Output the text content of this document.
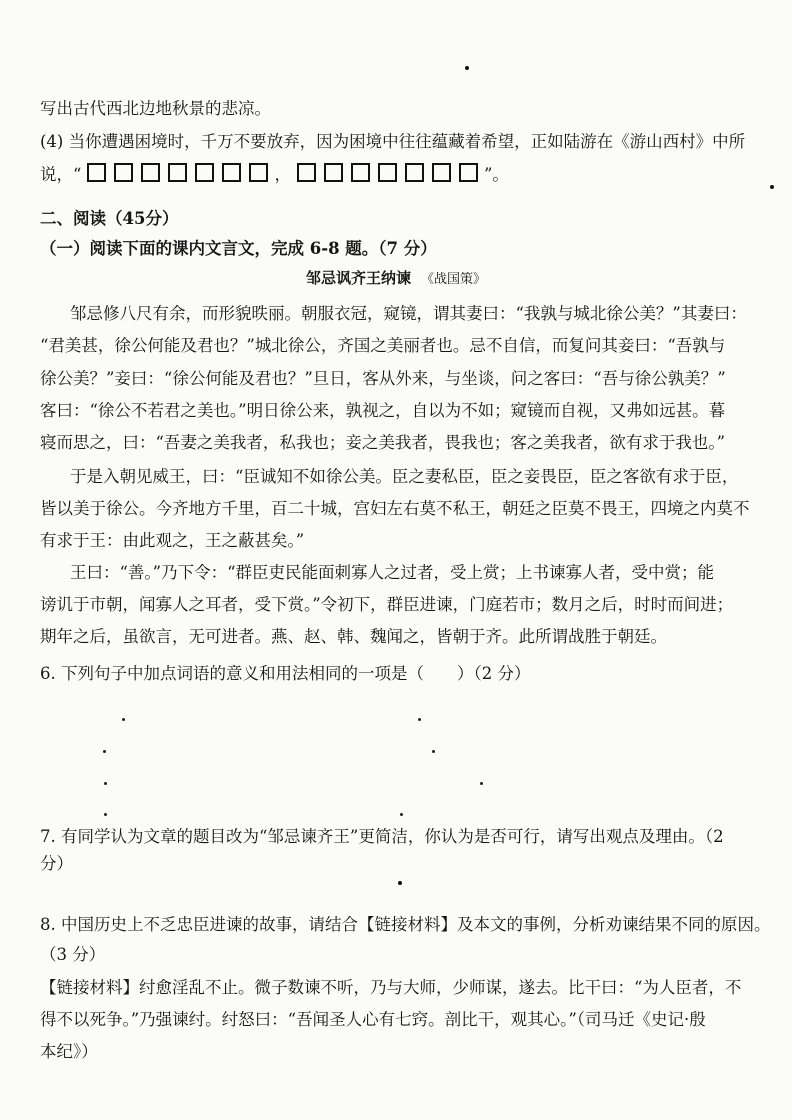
写出古代西北边地秋景的悲凉。
(4) 当你遭遇困境时，千万不要放弃，因为困境中往往蕴藏着希望，正如陆游在《游山西村》中所
说，“	，	”。
二、阅读（45分）
（一）阅读下面的课内文言文，完成 6-8 题。（7 分）
邹忌讽齐王纳谏 《战国策》
邹忌修八尺有余，而形貌昳丽。朝服衣冠，窥镜，谓其妻曰：“我孰与城北徐公美？”其妻曰：
“君美甚，徐公何能及君也？”城北徐公，齐国之美丽者也。忌不自信，而复问其妾曰：“吾孰与
徐公美？”妾曰：“徐公何能及君也？”旦日，客从外来，与坐谈，问之客曰：“吾与徐公孰美？”
客曰：“徐公不若君之美也。”明日徐公来，孰视之，自以为不如；窥镜而自视，又弗如远甚。暮
寝而思之，曰：“吾妻之美我者，私我也；妾之美我者，畏我也；客之美我者，欲有求于我也。”
于是入朝见威王，曰：“臣诚知不如徐公美。臣之妻私臣，臣之妾畏臣，臣之客欲有求于臣，
皆以美于徐公。今齐地方千里，百二十城，宫妇左右莫不私王，朝廷之臣莫不畏王，四境之内莫不
有求于王：由此观之，王之蔽甚矣。”
王曰：“善。”乃下令：“群臣吏民能面刺寡人之过者，受上赏；上书谏寡人者，受中赏；能
谤讥于市朝，闻寡人之耳者，受下赏。”令初下，群臣进谏，门庭若市；数月之后，时时而间进；
期年之后，虽欲言，无可进者。燕、赵、韩、魏闻之，皆朝于齐。此所谓战胜于朝廷。
6. 下列句子中加点词语的意义和用法相同的一项是（　　）（2 分）
7. 有同学认为文章的题目改为“邹忌谏齐王”更简洁，你认为是否可行，请写出观点及理由。（2
分）
8. 中国历史上不乏忠臣进谏的故事，请结合【链接材料】及本文的事例，分析劝谏结果不同的原因。
（3 分）
【链接材料】纣愈淫乱不止。微子数谏不听，乃与大师，少师谋，遂去。比干曰：“为人臣者，不
得不以死争。”乃强谏纣。纣怒曰：“吾闻圣人心有七窍。剖比干，观其心。”（司马迁《史记·殷
本纪》）
